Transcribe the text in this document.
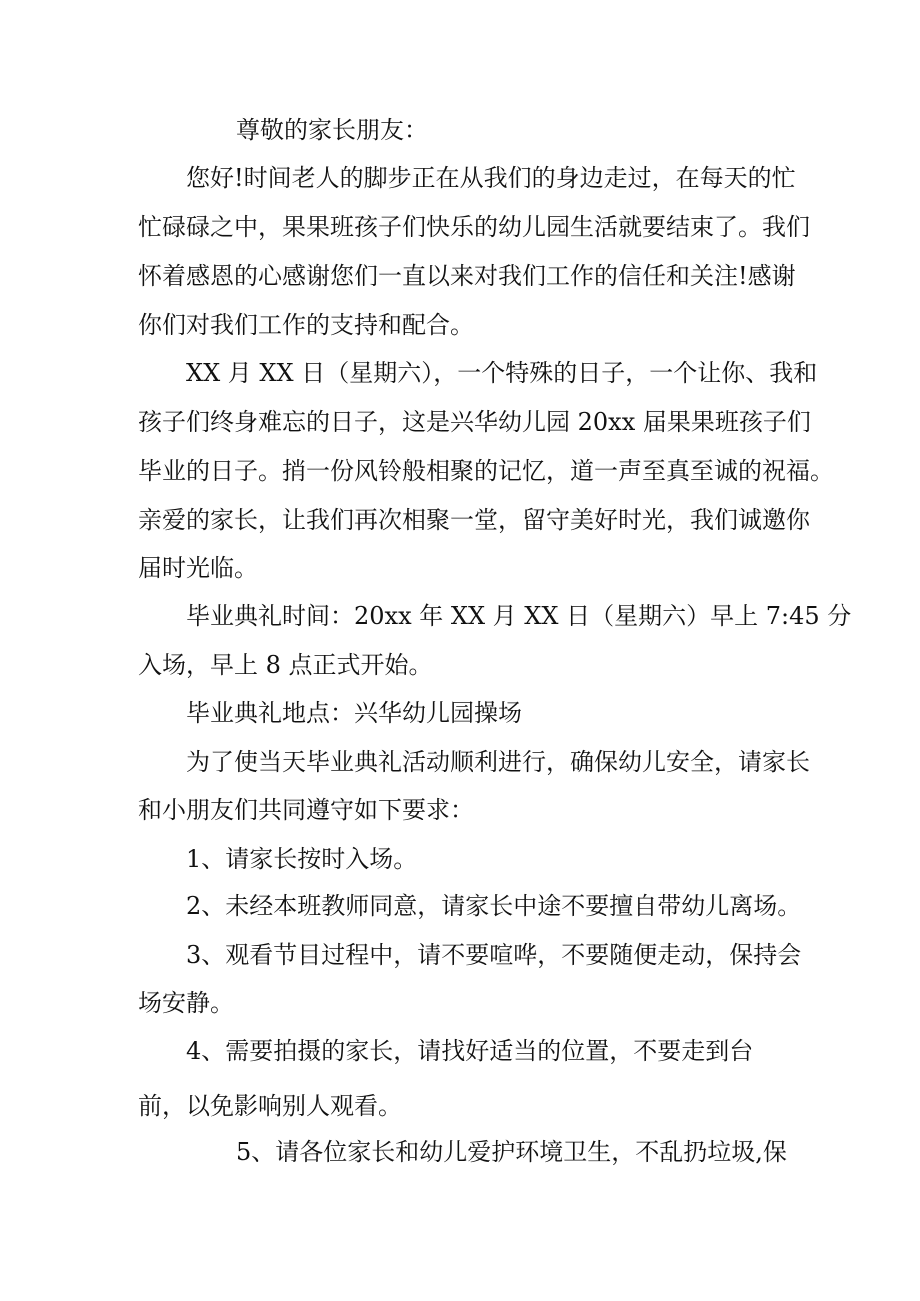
尊敬的家长朋友：
您好!时间老人的脚步正在从我们的身边走过，在每天的忙
忙碌碌之中，果果班孩子们快乐的幼儿园生活就要结束了。我们
怀着感恩的心感谢您们一直以来对我们工作的信任和关注!感谢
你们对我们工作的支持和配合。
XX 月 XX 日（星期六），一个特殊的日子，一个让你、我和
孩子们终身难忘的日子，这是兴华幼儿园 20xx 届果果班孩子们
毕业的日子。捎一份风铃般相聚的记忆，道一声至真至诚的祝福。
亲爱的家长，让我们再次相聚一堂，留守美好时光，我们诚邀你
届时光临。
毕业典礼时间：20xx 年 XX 月 XX 日（星期六）早上 7:45 分
入场，早上 8 点正式开始。
毕业典礼地点：兴华幼儿园操场
为了使当天毕业典礼活动顺利进行，确保幼儿安全，请家长
和小朋友们共同遵守如下要求：
1、请家长按时入场。
2、未经本班教师同意，请家长中途不要擅自带幼儿离场。
3、观看节目过程中，请不要喧哗，不要随便走动，保持会
场安静。
4、需要拍摄的家长，请找好适当的位置，不要走到台
前，以免影响别人观看。
5、请各位家长和幼儿爱护环境卫生，不乱扔垃圾,保
